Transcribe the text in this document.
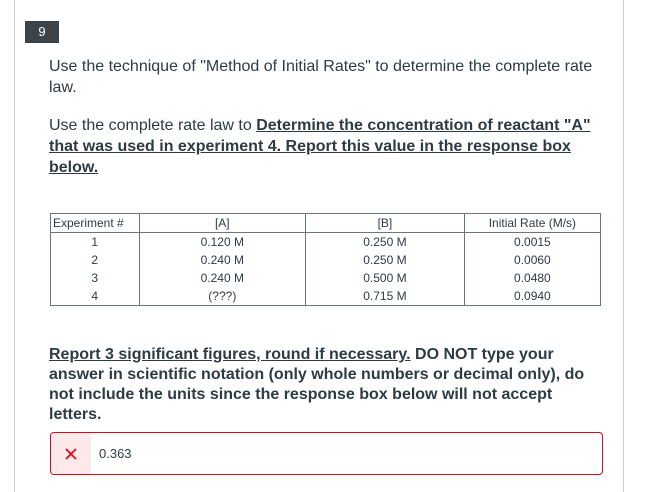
9
Use the technique of "Method of Initial Rates" to determine the complete rate law.
Use the complete rate law to Determine the concentration of reactant "A" that was used in experiment 4. Report this value in the response box below.
Experiment #	[A]	[B]	Initial Rate (M/s)
1	0.120 M	0.250 M	0.0015
2	0.240 M	0.250 M	0.0060
3	0.240 M	0.500 M	0.0480
4	(???)	0.715 M	0.0940
Report 3 significant figures, round if necessary. DO NOT type your answer in scientific notation (only whole numbers or decimal only), do not include the units since the response box below will not accept letters.
0.363
